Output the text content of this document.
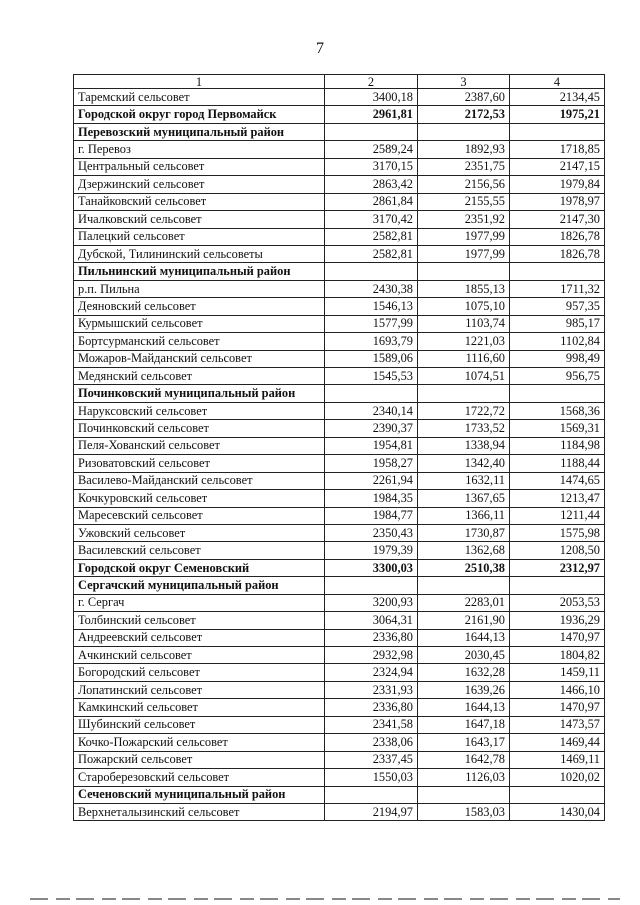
7
1	2	3	4
Таремский сельсовет	3400,18	2387,60	2134,45
Городской округ город Первомайск	2961,81	2172,53	1975,21
Перевозский муниципальный район			
г. Перевоз	2589,24	1892,93	1718,85
Центральный сельсовет	3170,15	2351,75	2147,15
Дзержинский сельсовет	2863,42	2156,56	1979,84
Танайковский сельсовет	2861,84	2155,55	1978,97
Ичалковский сельсовет	3170,42	2351,92	2147,30
Палецкий сельсовет	2582,81	1977,99	1826,78
Дубской, Тилининский сельсоветы	2582,81	1977,99	1826,78
Пильнинский муниципальный район			
р.п. Пильна	2430,38	1855,13	1711,32
Деяновский сельсовет	1546,13	1075,10	957,35
Курмышский сельсовет	1577,99	1103,74	985,17
Бортсурманский сельсовет	1693,79	1221,03	1102,84
Можаров-Майданский сельсовет	1589,06	1116,60	998,49
Медянский сельсовет	1545,53	1074,51	956,75
Починковский муниципальный район			
Наруксовский сельсовет	2340,14	1722,72	1568,36
Починковский сельсовет	2390,37	1733,52	1569,31
Пеля-Хованский сельсовет	1954,81	1338,94	1184,98
Ризоватовский сельсовет	1958,27	1342,40	1188,44
Василево-Майданский сельсовет	2261,94	1632,11	1474,65
Кочкуровский сельсовет	1984,35	1367,65	1213,47
Маресевский сельсовет	1984,77	1366,11	1211,44
Ужовский сельсовет	2350,43	1730,87	1575,98
Василевский сельсовет	1979,39	1362,68	1208,50
Городской округ Семеновский	3300,03	2510,38	2312,97
Сергачский муниципальный район			
г. Сергач	3200,93	2283,01	2053,53
Толбинский сельсовет	3064,31	2161,90	1936,29
Андреевский сельсовет	2336,80	1644,13	1470,97
Ачкинский сельсовет	2932,98	2030,45	1804,82
Богородский сельсовет	2324,94	1632,28	1459,11
Лопатинский сельсовет	2331,93	1639,26	1466,10
Камкинский сельсовет	2336,80	1644,13	1470,97
Шубинский сельсовет	2341,58	1647,18	1473,57
Кочко-Пожарский сельсовет	2338,06	1643,17	1469,44
Пожарский сельсовет	2337,45	1642,78	1469,11
Староберезовский сельсовет	1550,03	1126,03	1020,02
Сеченовский муниципальный район			
Верхнеталызинский сельсовет	2194,97	1583,03	1430,04
